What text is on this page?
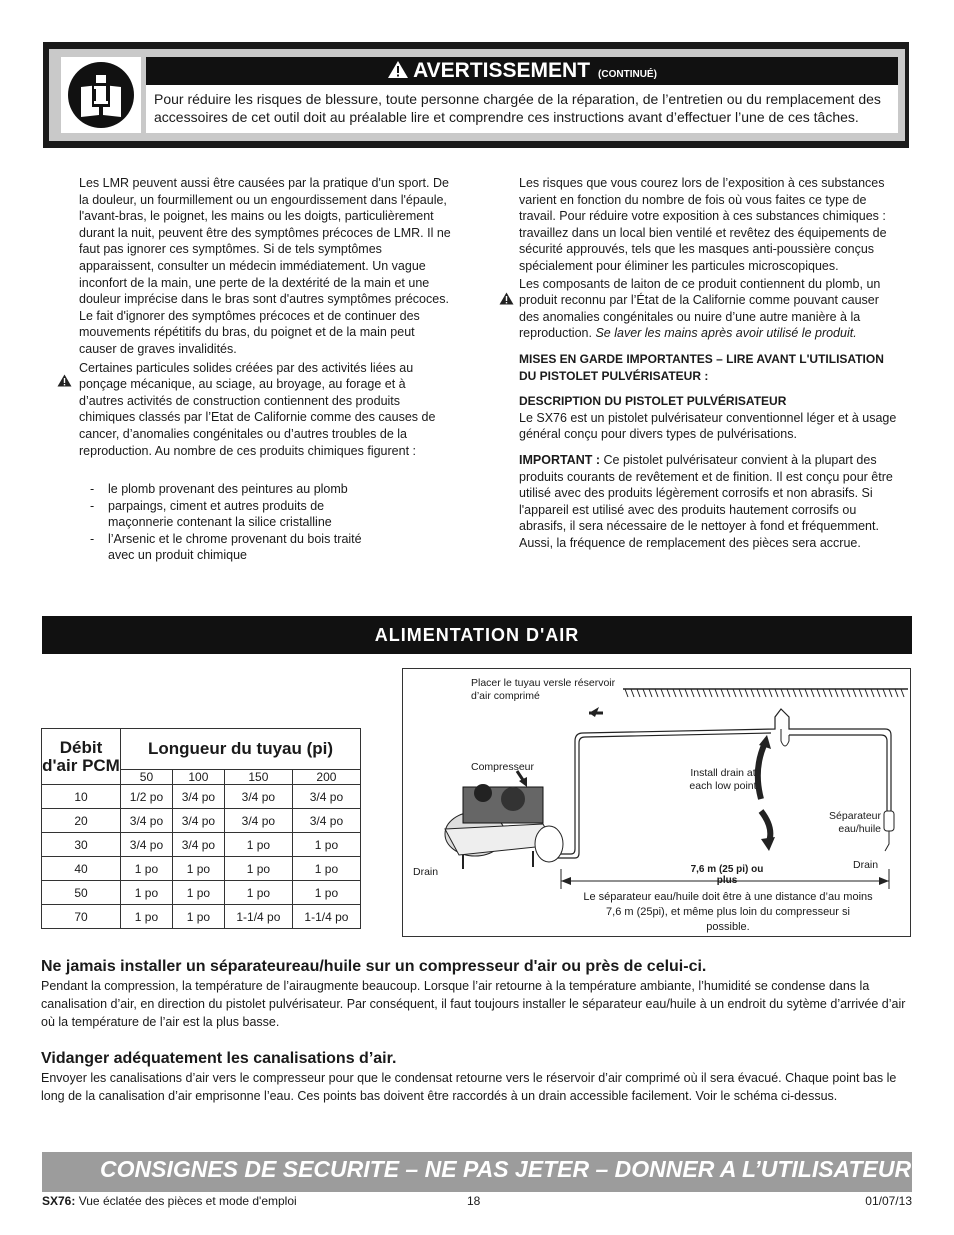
AVERTISSEMENT (CONTINUÉ)
Pour réduire les risques de blessure, toute personne chargée de la réparation, de l’entretien ou du remplacement des accessoires de cet outil doit au préalable lire et comprendre ces instructions avant d’effectuer l’une de ces tâches.

Les LMR peuvent aussi être causées par la pratique d'un sport. De la douleur, un fourmillement ou un engourdissement dans l'épaule, l'avant-bras, le poignet, les mains ou les doigts, particulièrement durant la nuit, peuvent être des symptômes précoces de LMR. Il ne faut pas ignorer ces symptômes. Si de tels symptômes apparaissent, consulter un médecin immédiatement. Un vague inconfort de la main, une perte de la dextérité de la main et une douleur imprécise dans le bras sont d'autres symptômes précoces. Le fait d'ignorer des symptômes précoces et de continuer des mouvements répétitifs du bras, du poignet et de la main peut causer de graves invalidités.

Certaines particules solides créées par des activités liées au ponçage mécanique, au sciage, au broyage, au forage et à d’autres activités de construction contiennent des produits chimiques classés par l’Etat de Californie comme des causes de cancer, d’anomalies congénitales ou d’autres troubles de la reproduction. Au nombre de ces produits chimiques figurent :

- le plomb provenant des peintures au plomb
- parpaings, ciment et autres produits de maçonnerie contenant la silice cristalline
- l’Arsenic et le chrome provenant du bois traité avec un produit chimique

Les risques que vous courez lors de l’exposition à ces substances varient en fonction du nombre de fois où vous faites ce type de travail. Pour réduire votre exposition à ces substances chimiques : travaillez dans un local bien ventilé et revêtez des équipements de sécurité approuvés, tels que les masques anti-poussière conçus spécialement pour éliminer les particules microscopiques.

Les composants de laiton de ce produit contiennent du plomb, un produit reconnu par l’État de la Californie comme pouvant causer des anomalies congénitales ou nuire d’une autre manière à la reproduction. Se laver les mains après avoir utilisé le produit.

MISES EN GARDE IMPORTANTES – LIRE AVANT L'UTILISATION DU PISTOLET PULVÉRISATEUR :

DESCRIPTION DU PISTOLET PULVÉRISATEUR

Le SX76 est un pistolet pulvérisateur conventionnel léger et à usage général conçu pour divers types de pulvérisations.

IMPORTANT : Ce pistolet pulvérisateur convient à la plupart des produits courants de revêtement et de finition. Il est conçu pour être utilisé avec des produits légèrement corrosifs et non abrasifs. Si l'appareil est utilisé avec des produits hautement corrosifs ou abrasifs, il sera nécessaire de le nettoyer à fond et fréquemment. Aussi, la fréquence de remplacement des pièces sera accrue.

ALIMENTATION D'AIR
Débit d'air PCM	Longueur du tuyau (pi)			
	50	100	150	200
10	1/2 po	3/4 po	3/4 po	3/4 po
20	3/4 po	3/4 po	3/4 po	3/4 po
30	3/4 po	3/4 po	1 po	1 po
40	1 po	1 po	1 po	1 po
50	1 po	1 po	1 po	1 po
70	1 po	1 po	1-1/4 po	1-1/4 po
Placer le tuyau versle réservoir d’air comprimé
Compresseur	Install drain at each low point
Séparateur eau/huile
Drain
Drain
7,6 m (25 pi) ou plus
Le séparateur eau/huile doit être à une distance d’au moins 7,6 m (25pi), et même plus loin du compresseur si possible.
Ne jamais installer un séparateureau/huile sur un compresseur d'air ou près de celui-ci.
Pendant la compression, la température de l’airaugmente beaucoup. Lorsque l’air retourne à la température ambiante, l’humidité se condense dans la canalisation d’air, en direction du pistolet pulvérisateur. Par conséquent, il faut toujours installer le séparateur eau/huile à un endroit du sytème d’arrivée d’air où la température de l’air est la plus basse.
Vidanger adéquatement les canalisations d’air.
Envoyer les canalisations d’air vers le compresseur pour que le condensat retourne vers le réservoir d’air comprimé où il sera évacué. Chaque point bas le long de la canalisation d’air emprisonne l’eau. Ces points bas doivent être raccordés à un drain accessible facilement. Voir le schéma ci-dessus.
CONSIGNES DE SECURITE – NE PAS JETER – DONNER A L’UTILISATEUR
SX76: Vue éclatée des pièces et mode d'emploi	18	01/07/13
